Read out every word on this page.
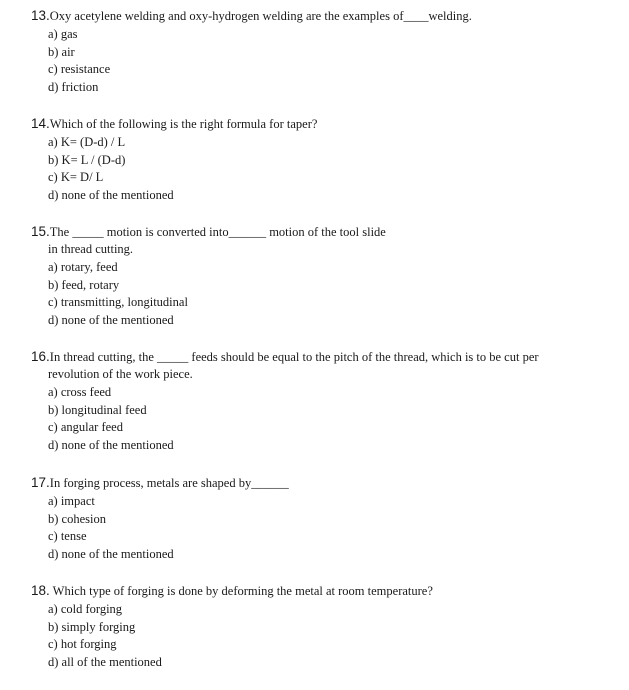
13.Oxy acetylene welding and oxy-hydrogen welding are the examples of____welding.
a) gas
b) air
c) resistance
d) friction
14.Which of the following is the right formula for taper?
a) K= (D-d) / L
b) K= L / (D-d)
c) K= D/ L
d) none of the mentioned
15.The _____ motion is converted into______ motion of the tool slide
in thread cutting.
a) rotary, feed
b) feed, rotary
c) transmitting, longitudinal
d) none of the mentioned
16.In thread cutting, the _____ feeds should be equal to the pitch of the thread, which is to be cut per
revolution of the work piece.
a) cross feed
b) longitudinal feed
c) angular feed
d) none of the mentioned
17.In forging process, metals are shaped by______
a) impact
b) cohesion
c) tense
d) none of the mentioned
18. Which type of forging is done by deforming the metal at room temperature?
a) cold forging
b) simply forging
c) hot forging
d) all of the mentioned
